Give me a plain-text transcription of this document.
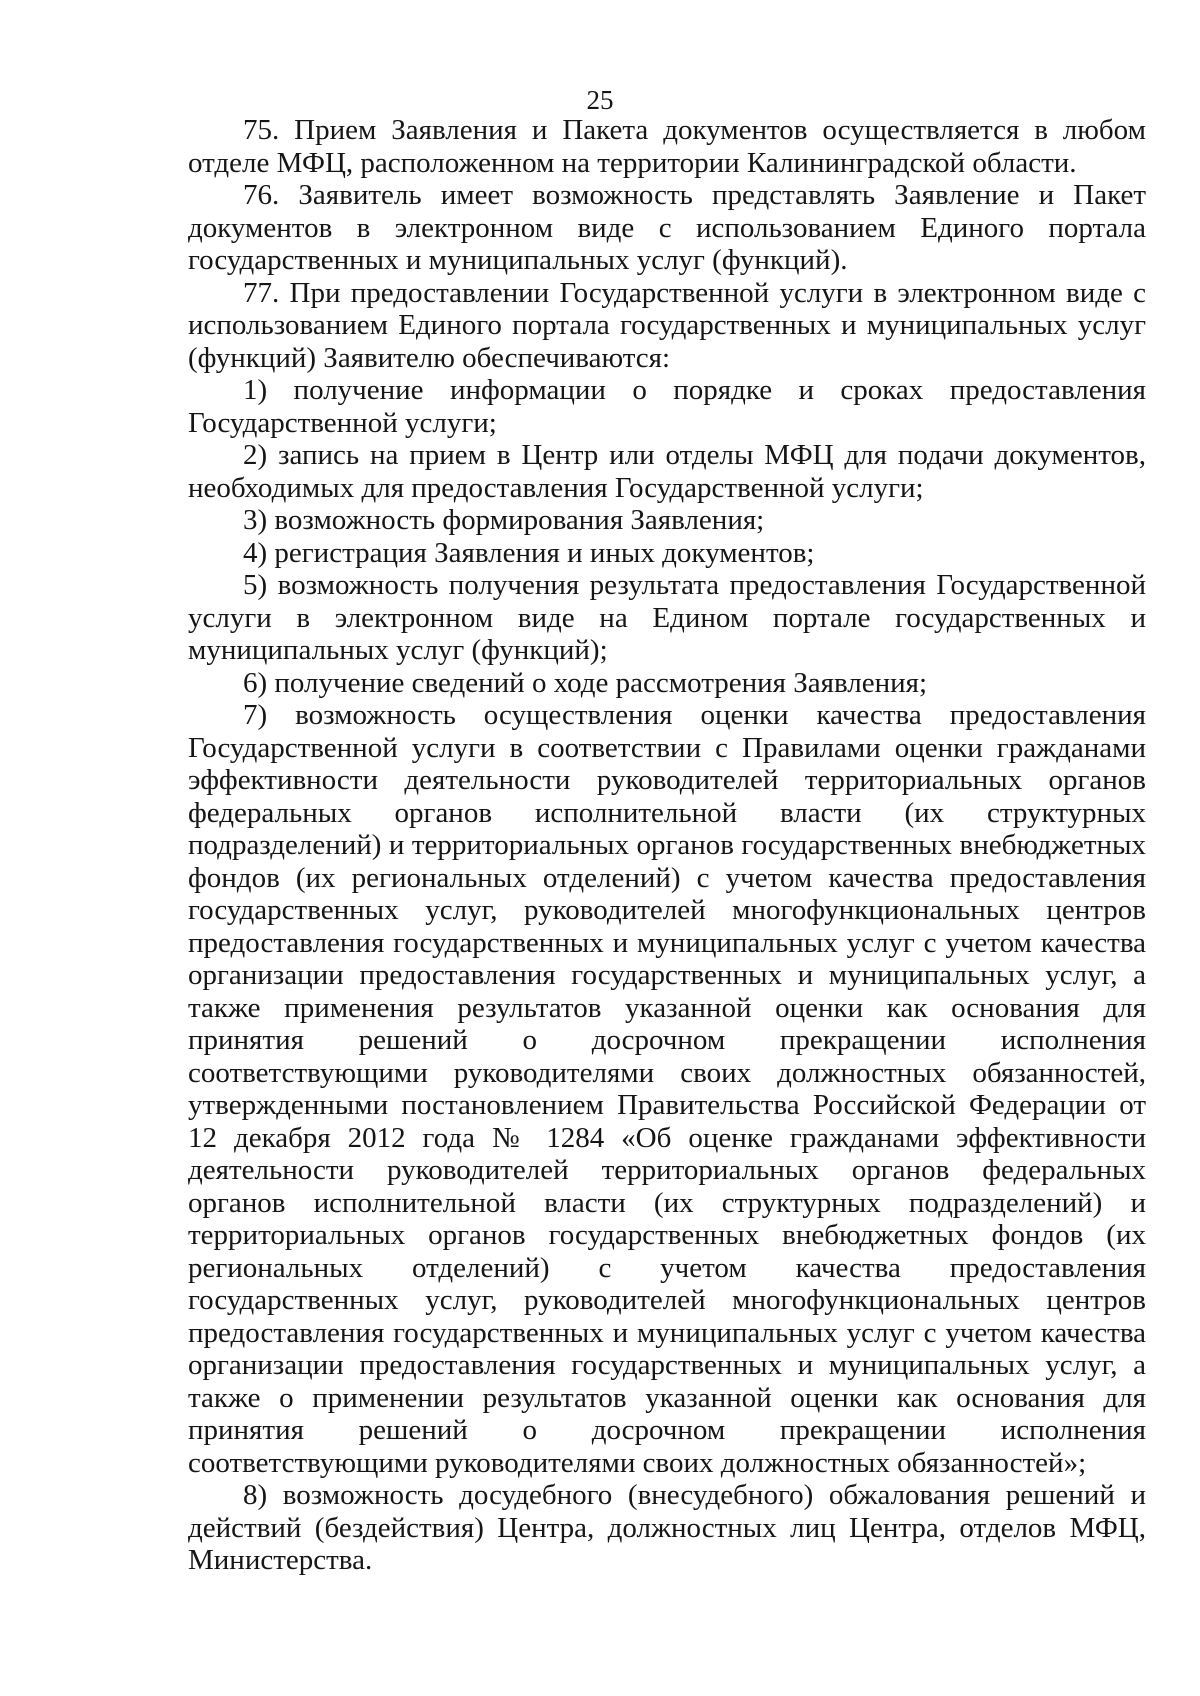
25

75. Прием Заявления и Пакета документов осуществляется в любом отделе МФЦ, расположенном на территории Калининградской области.

76. Заявитель имеет возможность представлять Заявление и Пакет документов в электронном виде с использованием Единого портала государственных и муниципальных услуг (функций).

77. При предоставлении Государственной услуги в электронном виде с использованием Единого портала государственных и муниципальных услуг (функций) Заявителю обеспечиваются:

1) получение информации о порядке и сроках предоставления Государственной услуги;

2) запись на прием в Центр или отделы МФЦ для подачи документов, необходимых для предоставления Государственной услуги;

3) возможность формирования Заявления;

4) регистрация Заявления и иных документов;

5) возможность получения результата предоставления Государственной услуги в электронном виде на Едином портале государственных и муниципальных услуг (функций);

6) получение сведений о ходе рассмотрения Заявления;

7) возможность осуществления оценки качества предоставления Государственной услуги в соответствии с Правилами оценки гражданами эффективности деятельности руководителей территориальных органов федеральных органов исполнительной власти (их структурных подразделений) и территориальных органов государственных внебюджетных фондов (их региональных отделений) с учетом качества предоставления государственных услуг, руководителей многофункциональных центров предоставления государственных и муниципальных услуг с учетом качества организации предоставления государственных и муниципальных услуг, а также применения результатов указанной оценки как основания для принятия решений о досрочном прекращении исполнения соответствующими руководителями своих должностных обязанностей, утвержденными постановлением Правительства Российской Федерации от 12 декабря 2012 года № 1284 «Об оценке гражданами эффективности деятельности руководителей территориальных органов федеральных органов исполнительной власти (их структурных подразделений) и территориальных органов государственных внебюджетных фондов (их региональных отделений) с учетом качества предоставления государственных услуг, руководителей многофункциональных центров предоставления государственных и муниципальных услуг с учетом качества организации предоставления государственных и муниципальных услуг, а также о применении результатов указанной оценки как основания для принятия решений о досрочном прекращении исполнения соответствующими руководителями своих должностных обязанностей»;

8) возможность досудебного (внесудебного) обжалования решений и действий (бездействия) Центра, должностных лиц Центра, отделов МФЦ, Министерства.
